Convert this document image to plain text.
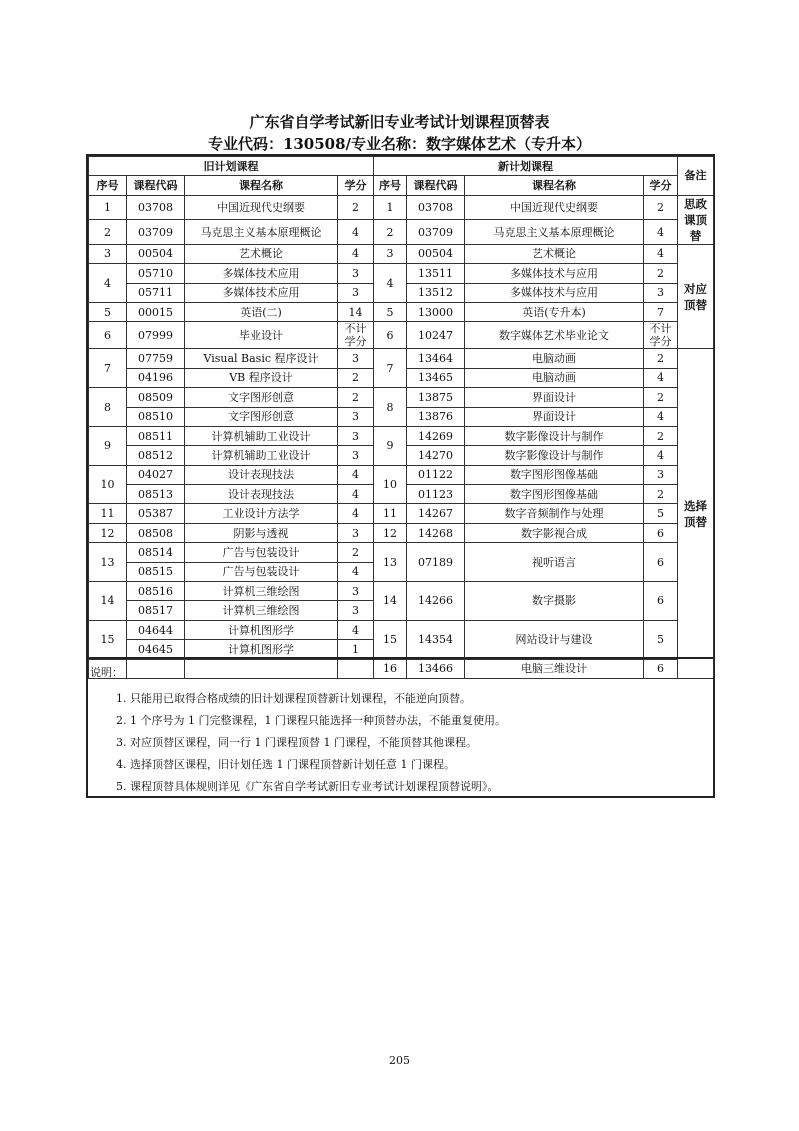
广东省自学考试新旧专业考试计划课程顶替表
专业代码：130508/专业名称：数字媒体艺术（专升本）
旧计划课程				新计划课程				备注
序号	课程代码	课程名称	学分	序号	课程代码	课程名称	学分	
1	03708	中国近现代史纲要	2	1	03708	中国近现代史纲要	2	思政课顶替
2	03709	马克思主义基本原理概论	4	2	03709	马克思主义基本原理概论	4	
3	00504	艺术概论	4	3	00504	艺术概论	4	对应顶替
4	05710	多媒体技术应用	3	4	13511	多媒体技术与应用	2	
	05711	多媒体技术应用	3		13512	多媒体技术与应用	3	
5	00015	英语(二)	14	5	13000	英语(专升本)	7	
6	07999	毕业设计	不计学分	6	10247	数字媒体艺术毕业论文	不计学分	
7	07759	Visual Basic 程序设计	3	7	13464	电脑动画	2	选择顶替
	04196	VB 程序设计	2		13465	电脑动画	4	
8	08509	文字图形创意	2	8	13875	界面设计	2	
	08510	文字图形创意	3		13876	界面设计	4	
9	08511	计算机辅助工业设计	3	9	14269	数字影像设计与制作	2	
	08512	计算机辅助工业设计	3		14270	数字影像设计与制作	4	
10	04027	设计表现技法	4	10	01122	数字图形图像基础	3	
	08513	设计表现技法	4		01123	数字图形图像基础	2	
11	05387	工业设计方法学	4	11	14267	数字音频制作与处理	5	
12	08508	阴影与透视	3	12	14268	数字影视合成	6	
13	08514	广告与包装设计	2	13	07189	视听语言	6	
	08515	广告与包装设计	4					
14	08516	计算机三维绘图	3	14	14266	数字摄影	6	
	08517	计算机三维绘图	3					
15	04644	计算机图形学	4	15	14354	网站设计与建设	5	
	04645	计算机图形学	1					
				16	13466	电脑三维设计	6	
说明：
1. 只能用已取得合格成绩的旧计划课程顶替新计划课程，不能逆向顶替。
2. 1 个序号为 1 门完整课程，1 门课程只能选择一种顶替办法，不能重复使用。
3. 对应顶替区课程，同一行 1 门课程顶替 1 门课程，不能顶替其他课程。
4. 选择顶替区课程，旧计划任选 1 门课程顶替新计划任意 1 门课程。
5. 课程顶替具体规则详见《广东省自学考试新旧专业考试计划课程顶替说明》。
205
